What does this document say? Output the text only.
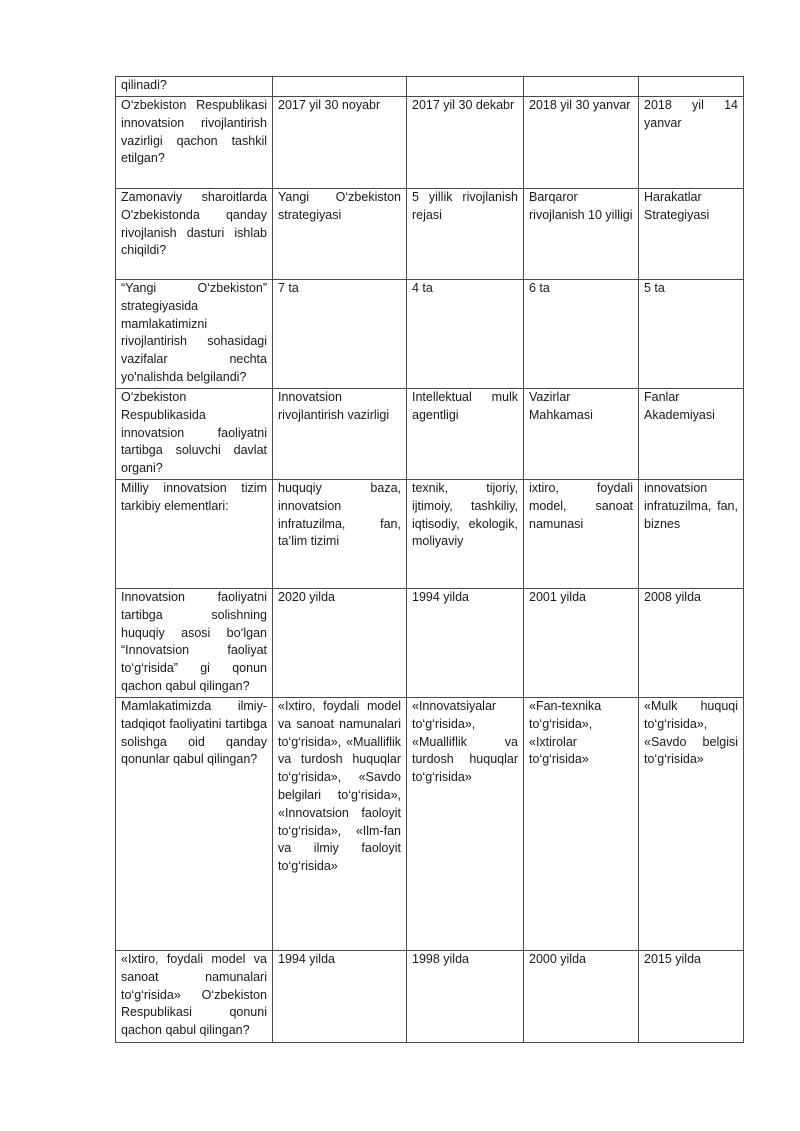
qilinadi?				
O‘zbekiston Respublikasi innovatsion rivojlantirish vazirligi qachon tashkil etilgan?	2017 yil 30 noyabr	2017 yil 30 dekabr	2018 yil 30 yanvar	2018 yil 14 yanvar
Zamonaviy sharoitlarda O'zbekistonda qanday rivojlanish dasturi ishlab chiqildi?	Yangi O‘zbekiston strategiyasi	5 yillik rivojlanish rejasi	Barqaror rivojlanish 10 yilligi	Harakatlar Strategiyasi
“Yangi O‘zbekiston” strategiyasida mamlakatimizni rivojlantirish sohasidagi vazifalar nechta yo'nalishda belgilandi?	7 ta	4 ta	6 ta	5 ta
O‘zbekiston Respublikasida innovatsion faoliyatni tartibga soluvchi davlat organi?	Innovatsion rivojlantirish vazirligi	Intellektual mulk agentligi	Vazirlar Mahkamasi	Fanlar Akademiyasi
Milliy innovatsion tizim tarkibiy elementlari:	huquqiy baza, innovatsion infratuzilma, fan, ta’lim tizimi	texnik, tijoriy, ijtimoiy, tashkiliy, iqtisodiy, ekologik, moliyaviy	ixtiro, foydali model, sanoat namunasi	innovatsion infratuzilma, fan, biznes
Innovatsion faoliyatni tartibga solishning huquqiy asosi bo‘lgan “Innovatsion faoliyat to‘g‘risida” gi qonun qachon qabul qilingan?	2020 yilda	1994 yilda	2001 yilda	2008 yilda
Mamlakatimizda ilmiy-tadqiqot faoliyatini tartibga solishga oid qanday qonunlar qabul qilingan?	«Ixtiro, foydali model va sanoat namunalari to‘g‘risida», «Mualliflik va turdosh huquqlar to‘g‘risida», «Savdo belgilari to‘g‘risida», «Innovatsion faoloyit to‘g‘risida», «Ilm-fan va ilmiy faoloyit to‘g‘risida»	«Innovatsiyalar to‘g‘risida», «Mualliflik va turdosh huquqlar to‘g‘risida»	«Fan-texnika to‘g‘risida», «Ixtirolar to‘g‘risida»	«Mulk huquqi to‘g‘risida», «Savdo belgisi to‘g‘risida»
«Ixtiro, foydali model va sanoat namunalari to‘g‘risida» O‘zbekiston Respublikasi qonuni qachon qabul qilingan?	1994 yilda	1998 yilda	2000 yilda	2015 yilda
